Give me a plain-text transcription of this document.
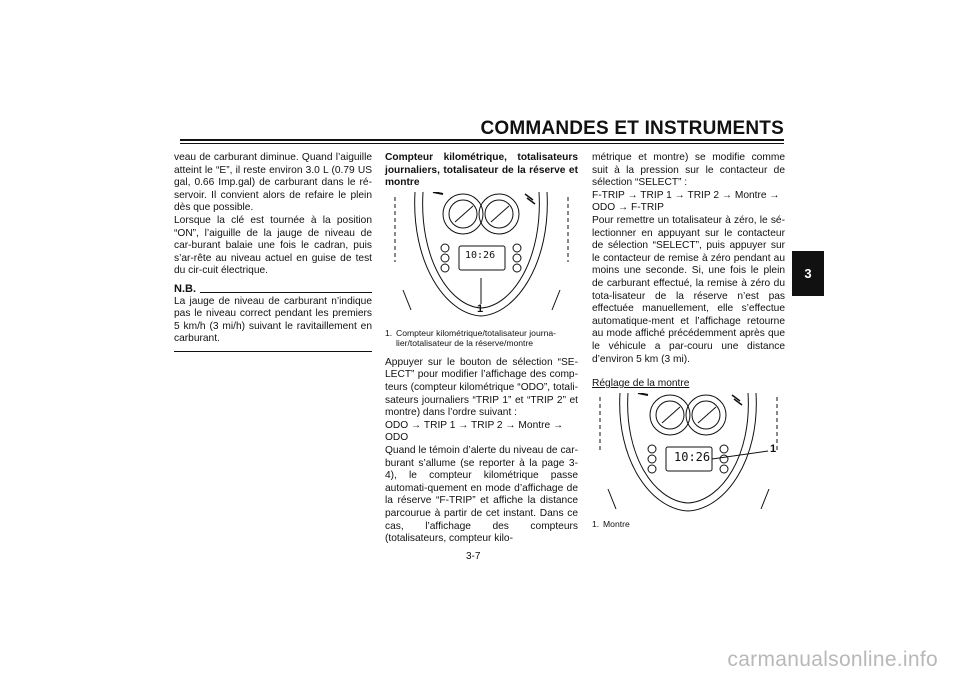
COMMANDES ET INSTRUMENTS
3

veau de carburant diminue. Quand l’aiguille atteint le “E”, il reste environ 3.0 L (0.79 US gal, 0.66 Imp.gal) de carburant dans le ré-servoir. Il convient alors de refaire le plein dès que possible.

Lorsque la clé est tournée à la position “ON”, l’aiguille de la jauge de niveau de car-burant balaie une fois le cadran, puis s’ar-rête au niveau actuel en guise de test du cir-cuit électrique.

N.B.

La jauge de niveau de carburant n’indique pas le niveau correct pendant les premiers 5 km/h (3 mi/h) suivant le ravitaillement en carburant.

Compteur kilométrique, totalisateurs journaliers, totalisateur de la réserve et montre

10:26
1
1. Compteur kilométrique/totalisateur journa-
lier/totalisateur de la réserve/montre

Appuyer sur le bouton de sélection “SE-LECT” pour modifier l’affichage des comp-teurs (compteur kilométrique “ODO”, totali-sateurs journaliers “TRIP 1” et “TRIP 2” et montre) dans l’ordre suivant :

ODO → TRIP 1 → TRIP 2 → Montre →

ODO

Quand le témoin d’alerte du niveau de car-burant s’allume (se reporter à la page 3-4), le compteur kilométrique passe automati-quement en mode d’affichage de la réserve “F-TRIP” et affiche la distance parcourue à partir de cet instant. Dans ce cas, l’affichage des compteurs (totalisateurs, compteur kilo-

métrique et montre) se modifie comme suit à la pression sur le contacteur de sélection “SELECT” :

F-TRIP → TRIP 1 → TRIP 2 → Montre →

ODO → F-TRIP

Pour remettre un totalisateur à zéro, le sé-lectionner en appuyant sur le contacteur de sélection “SELECT”, puis appuyer sur le contacteur de remise à zéro pendant au moins une seconde. Si, une fois le plein de carburant effectué, la remise à zéro du tota-lisateur de la réserve n’est pas effectuée manuellement, elle s’effectue automatique-ment et l’affichage retourne au mode affiché précédemment après que le véhicule a par-couru une distance d’environ 5 km (3 mi).

Réglage de la montre

10:26
1
1. Montre
3-7
carmanualsonline.info
